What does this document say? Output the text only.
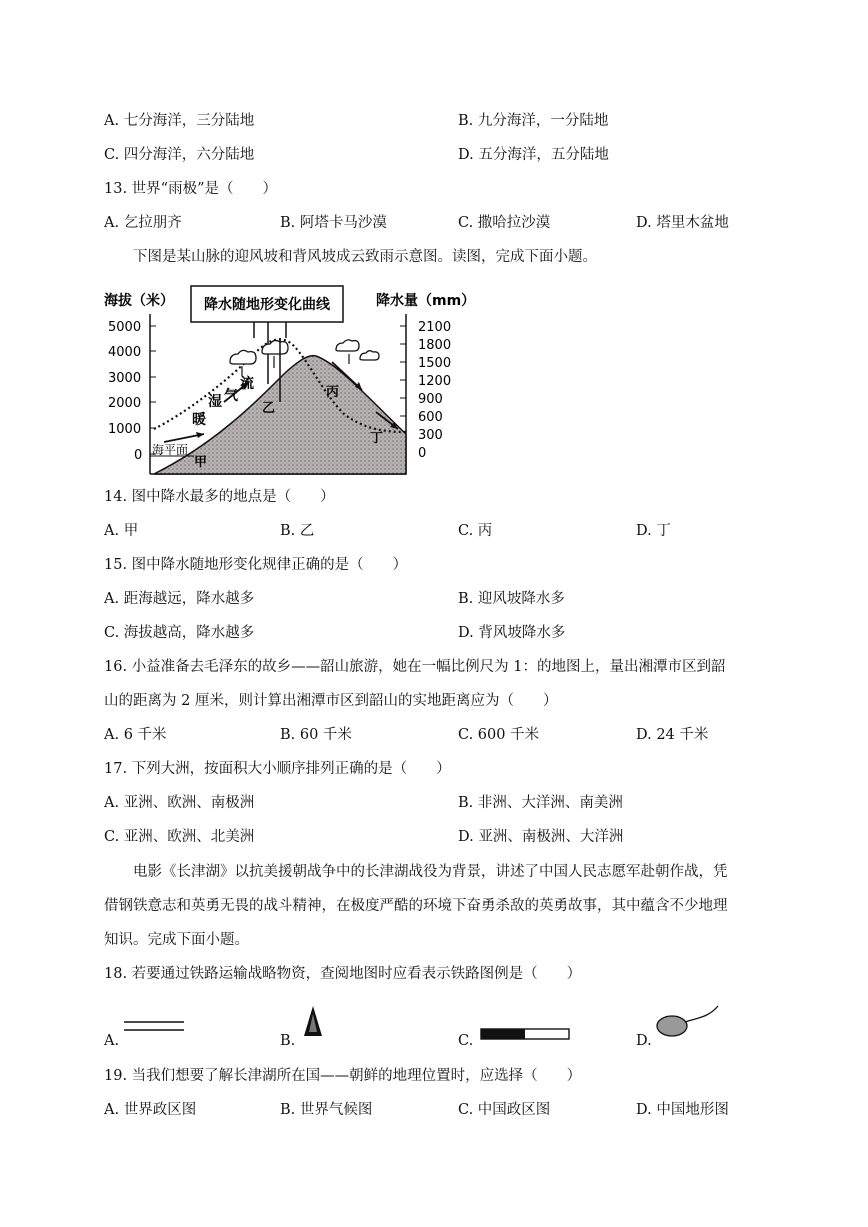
A. 七分海洋，三分陆地	B. 九分海洋，一分陆地
C. 四分海洋，六分陆地	D. 五分海洋，五分陆地
13. 世界“雨极”是（　　）
A. 乞拉朋齐	B. 阿塔卡马沙漠	C. 撒哈拉沙漠	D. 塔里木盆地
下图是某山脉的迎风坡和背风坡成云致雨示意图。读图，完成下面小题。
海拔（米）	降水量（mm）
降水随地形变化曲线
5000
4000
3000
2000
1000
0
2100
1800
1500
1200
900
600
300
0
海平面
甲
乙
丙
丁
暖
湿 气
流
14. 图中降水最多的地点是（　　）
A. 甲	B. 乙	C. 丙	D. 丁
15. 图中降水随地形变化规律正确的是（　　）
A. 距海越远，降水越多	B. 迎风坡降水多
C. 海拔越高，降水越多	D. 背风坡降水多
16. 小益准备去毛泽东的故乡——韶山旅游，她在一幅比例尺为 1：的地图上，量出湘潭市区到韶
山的距离为 2 厘米，则计算出湘潭市区到韶山的实地距离应为（　　）
A. 6 千米	B. 60 千米	C. 600 千米	D. 24 千米
17. 下列大洲，按面积大小顺序排列正确的是（　　）
A. 亚洲、欧洲、南极洲	B. 非洲、大洋洲、南美洲
C. 亚洲、欧洲、北美洲	D. 亚洲、南极洲、大洋洲
电影《长津湖》以抗美援朝战争中的长津湖战役为背景，讲述了中国人民志愿军赴朝作战，凭
借钢铁意志和英勇无畏的战斗精神，在极度严酷的环境下奋勇杀敌的英勇故事，其中蕴含不少地理
知识。完成下面小题。
18. 若要通过铁路运输战略物资，查阅地图时应看表示铁路图例是（　　）
A.	B.	C.	D.
19. 当我们想要了解长津湖所在国——朝鲜的地理位置时，应选择（　　）
A. 世界政区图	B. 世界气候图	C. 中国政区图	D. 中国地形图
